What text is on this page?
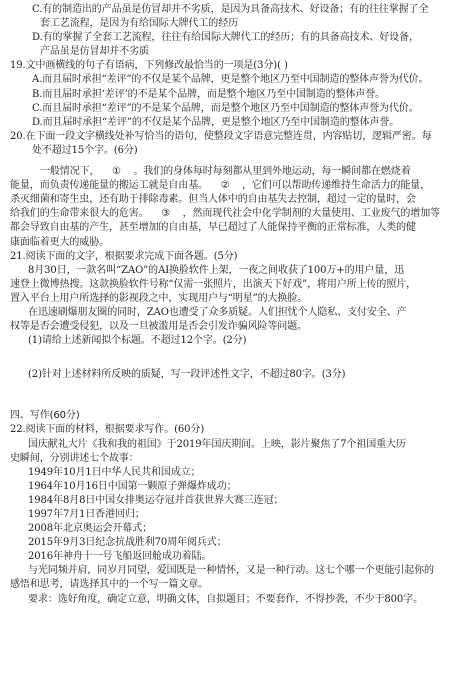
C.有的制造出的产品虽是仿冒却并不劣质，是因为具备高技术、好设备；有的往往掌握了全
套工艺流程，是因为有给国际大牌代工的经历
D.有的掌握了全套工艺流程，往往有给国际大牌代工的经历；有的具备高技术、好设备，
产品虽是仿冒却并不劣质
19.文中画横线的句子有语病，下列修改最恰当的一项是(3分)( )
A.而且届时承担“差评”的不仅是某个品牌，更是整个地区乃至中国制造的整体声誉为代价。
B.而且届时承担‘差评’的不是某个品牌，而是整个地区乃至中国制造的整体声誉。
C.而且届时承担“差评”的不是某个品牌，而是整个地区乃至中国制造的整体声誉为代价。
D.而且届时承担“差评”的不仅是某个品牌，更是整个地区乃至中国制造的整体声誉。
20.在下面一段文字横线处补写恰当的语句，使整段文字语意完整连贯，内容贴切，逻辑严密。每
处不超过15个字。(6分)
一般情况下， ① 。我们的身体每时每刻都从里到外地运动，每一瞬间都在燃烧着
能量，而负责传递能量的搬运工就是自由基。 ② ，它们可以帮助传递维持生命活力的能量，
杀灭细菌和寄生虫，还有助于排除毒素。但当人体中的自由基失去控制，超过一定的量时，会
给我们的生命带来很大的危害。 ③ ，然而现代社会中化学制剂的大量使用、工业废气的增加等
都会导致自由基的产生，甚至增加的自由基，早已超过了人能保持平衡的正常标准，人类的健
康面临着更大的威胁。
21.阅读下面的文字，根据要求完成下面各题。(5分)
8月30日，一款名叫“ZAO”的AI换脸软件上架，一夜之间收获了100万+的用户量，迅
速登上微博热搜。这款换脸软件号称“仅需一张照片，出演天下好戏”，将用户所上传的照片，
置入平台上用户所选择的影视段之中，实现用户与“明星”的大换脸。
在迅速刷爆朋友圈的同时，ZAO也遭受了众多质疑。人们担忧个人隐私、支付安全、产
权等是否会遭受侵犯，以及一旦被滥用是否会引发诈骗风险等问题。
(1)请给上述新闻拟个标题。不超过12个字。(2分)
(2)针对上述材料所反映的质疑，写一段评述性文字，不超过80字。(3分)
四、写作(60分)
22.阅读下面的材料，根据要求写作。(60分)
国庆献礼大片《我和我的祖国》于2019年国庆期间。上映，影片聚焦了7个祖国重大历
史瞬间，分别讲述七个故事：
1949年10月1日中华人民共和国成立；
1964年10月16日中国第一颗原子弹爆炸成功；
1984年8月8日中国女排奥运夺冠并首获世界大赛三连冠；
1997年7月1日香港回归；
2008年北京奥运会开幕式；
2015年9月3日纪念抗战胜利70周年阅兵式；
2016年神舟十一号飞船返回舱成功着陆。
与光同频并肩，同岁月同望，爱国既是一种情怀，又是一种行动。这七个哪一个更能引起你的
感悟和思考，请选择其中的一个写一篇文章。
要求：选好角度，确定立意，明确文体，自拟题目；不要套作，不得抄袭，不少于800字。
